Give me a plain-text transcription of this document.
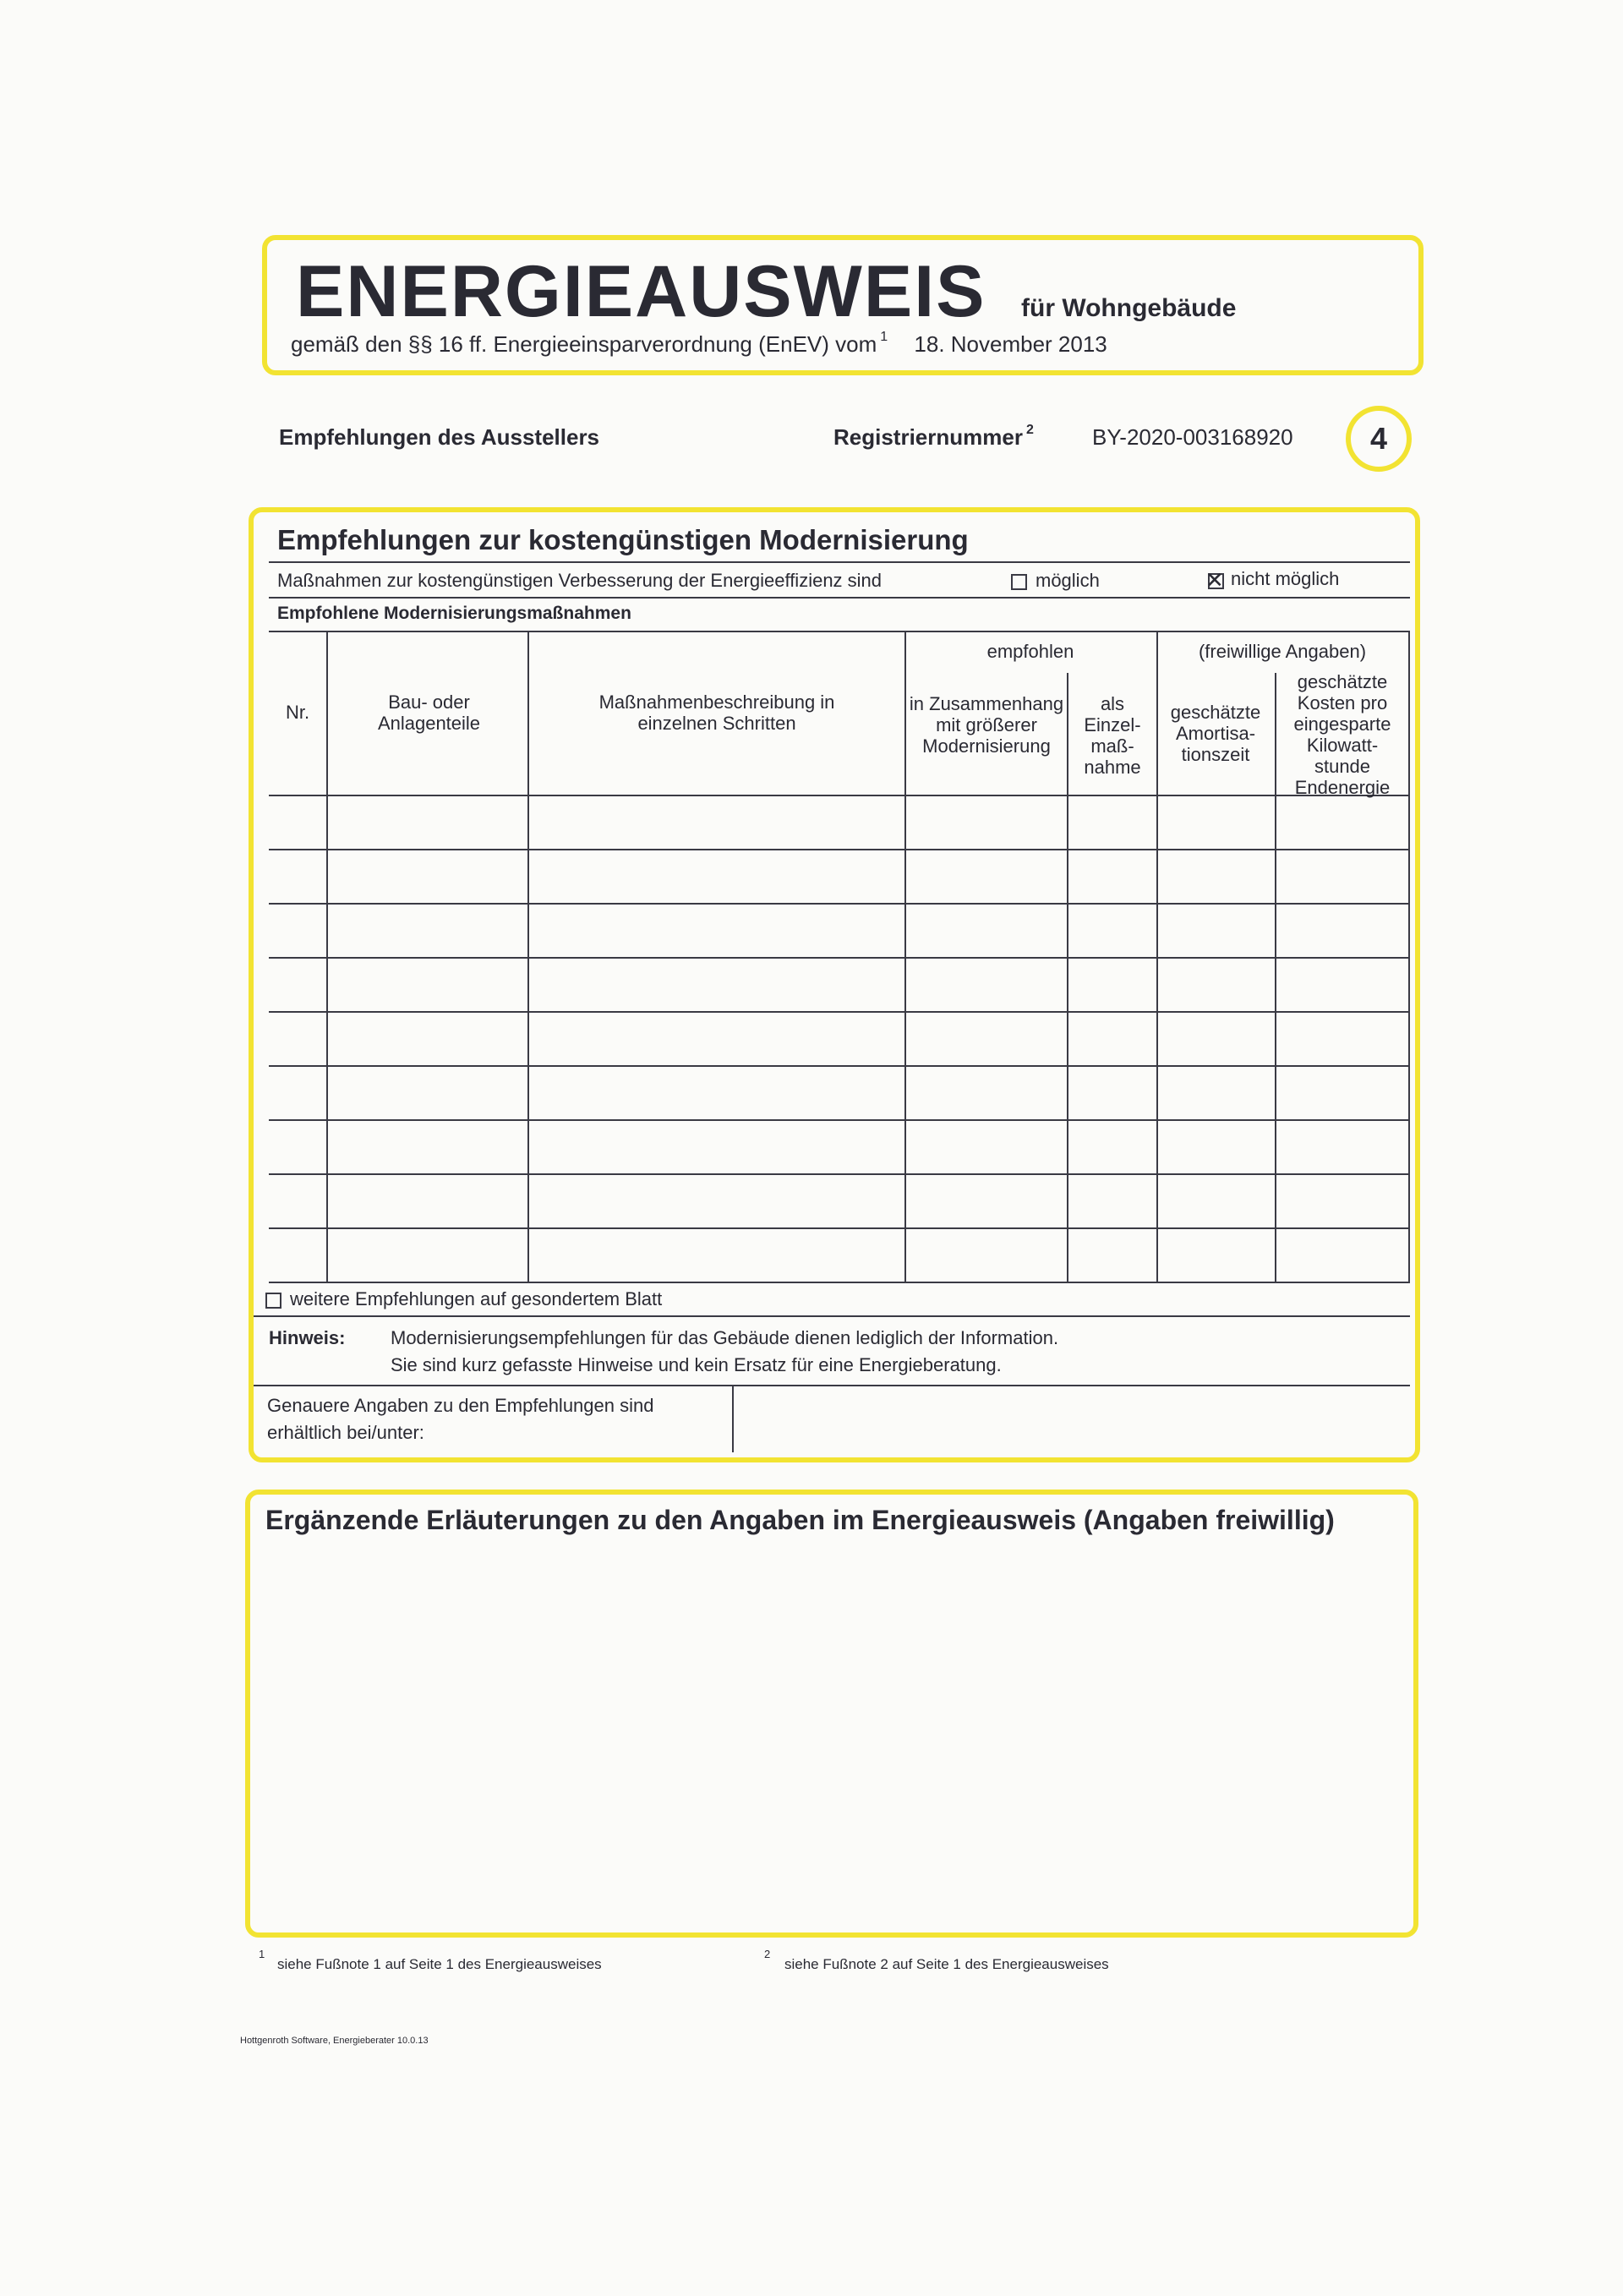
ENERGIEAUSWEIS für Wohngebäude
gemäß den §§ 16 ff. Energieeinsparverordnung (EnEV) vom $^1$ 18. November 2013
Empfehlungen des Ausstellers	Registriernummer $^2$	BY-2020-003168920	4
Empfehlungen zur kostengünstigen Modernisierung
Maßnahmen zur kostengünstigen Verbesserung der Energieeffizienz sind	möglich
✕	nicht möglich
Empfohlene Modernisierungsmaßnahmen
Nr.	Bau- oder Anlagenteile
Maßnahmenbeschreibung in einzelnen Schritten
empfohlen
in Zusammenhang mit größerer Modernisierung
als Einzel- maß- nahme
(freiwillige Angaben)
geschätzte Amortisa- tionszeit
geschätzte Kosten pro eingesparte Kilowatt- stunde Endenergie
weitere Empfehlungen auf gesondertem Blatt
Hinweis: Modernisierungsempfehlungen für das Gebäude dienen lediglich der Information.
Sie sind kurz gefasste Hinweise und kein Ersatz für eine Energieberatung.
Genauere Angaben zu den Empfehlungen sind
erhältlich bei/unter:
Ergänzende Erläuterungen zu den Angaben im Energieausweis (Angaben freiwillig)
1
siehe Fußnote 1 auf Seite 1 des Energieausweises
2
siehe Fußnote 2 auf Seite 1 des Energieausweises
Hottgenroth Software, Energieberater 10.0.13
